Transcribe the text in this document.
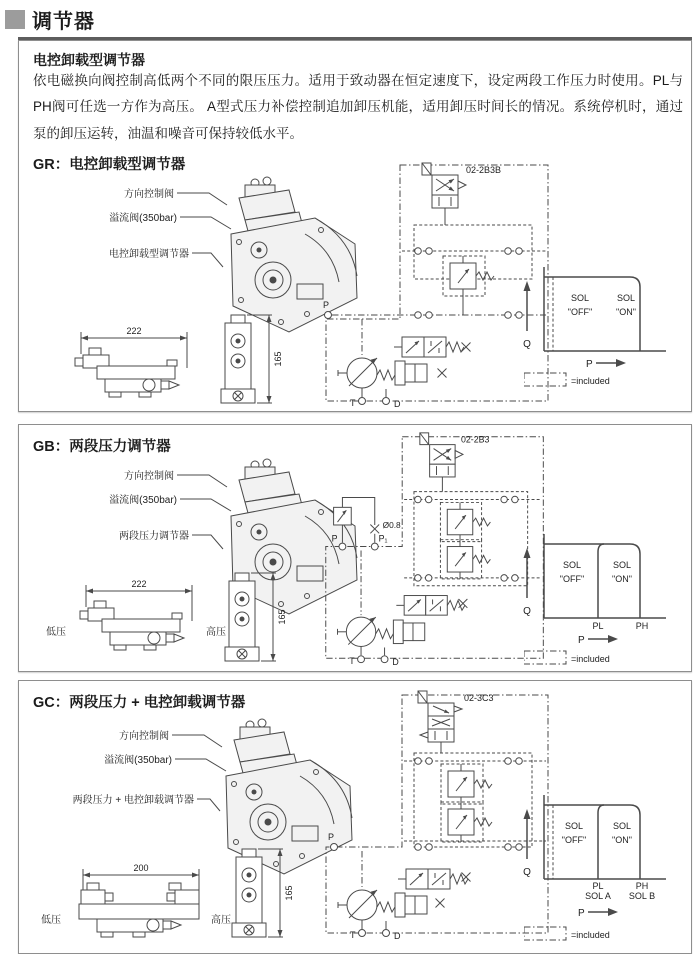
调节器
电控卸载型调节器
依电磁换向阀控制高低两个不同的限压压力。适用于致动器在恒定速度下，设定两段工作压力时使用。PL与PH阀可任选一方作为高压。 A型式压力补偿控制追加卸压机能，适用卸压时间长的情况。系统停机时，通过泵的卸压运转，油温和噪音可保持较低水平。
GR：电控卸载型调节器
方向控制阀
溢流阀(350bar)
电控卸载型调节器
222
165
02-2B3B
P
T	D
Q
SOL
"OFF"
SOL
"ON"
P
=included
GB：两段压力调节器
方向控制阀
溢流阀(350bar)
两段压力调节器
低压
222
高压
165
02-2B3
Ø0.8
P	P₁
T	D
Q
SOL
"OFF"
SOL
"ON"
PL	PH
P
=included
GC：两段压力 + 电控卸载调节器
方向控制阀
溢流阀(350bar)
两段压力 + 电控卸载调节器
低压
200
高压
165
02-3C3
P
T	D
Q
SOL
"OFF"
SOL
"ON"
PL
SOL A
PH
SOL B
P
=included
